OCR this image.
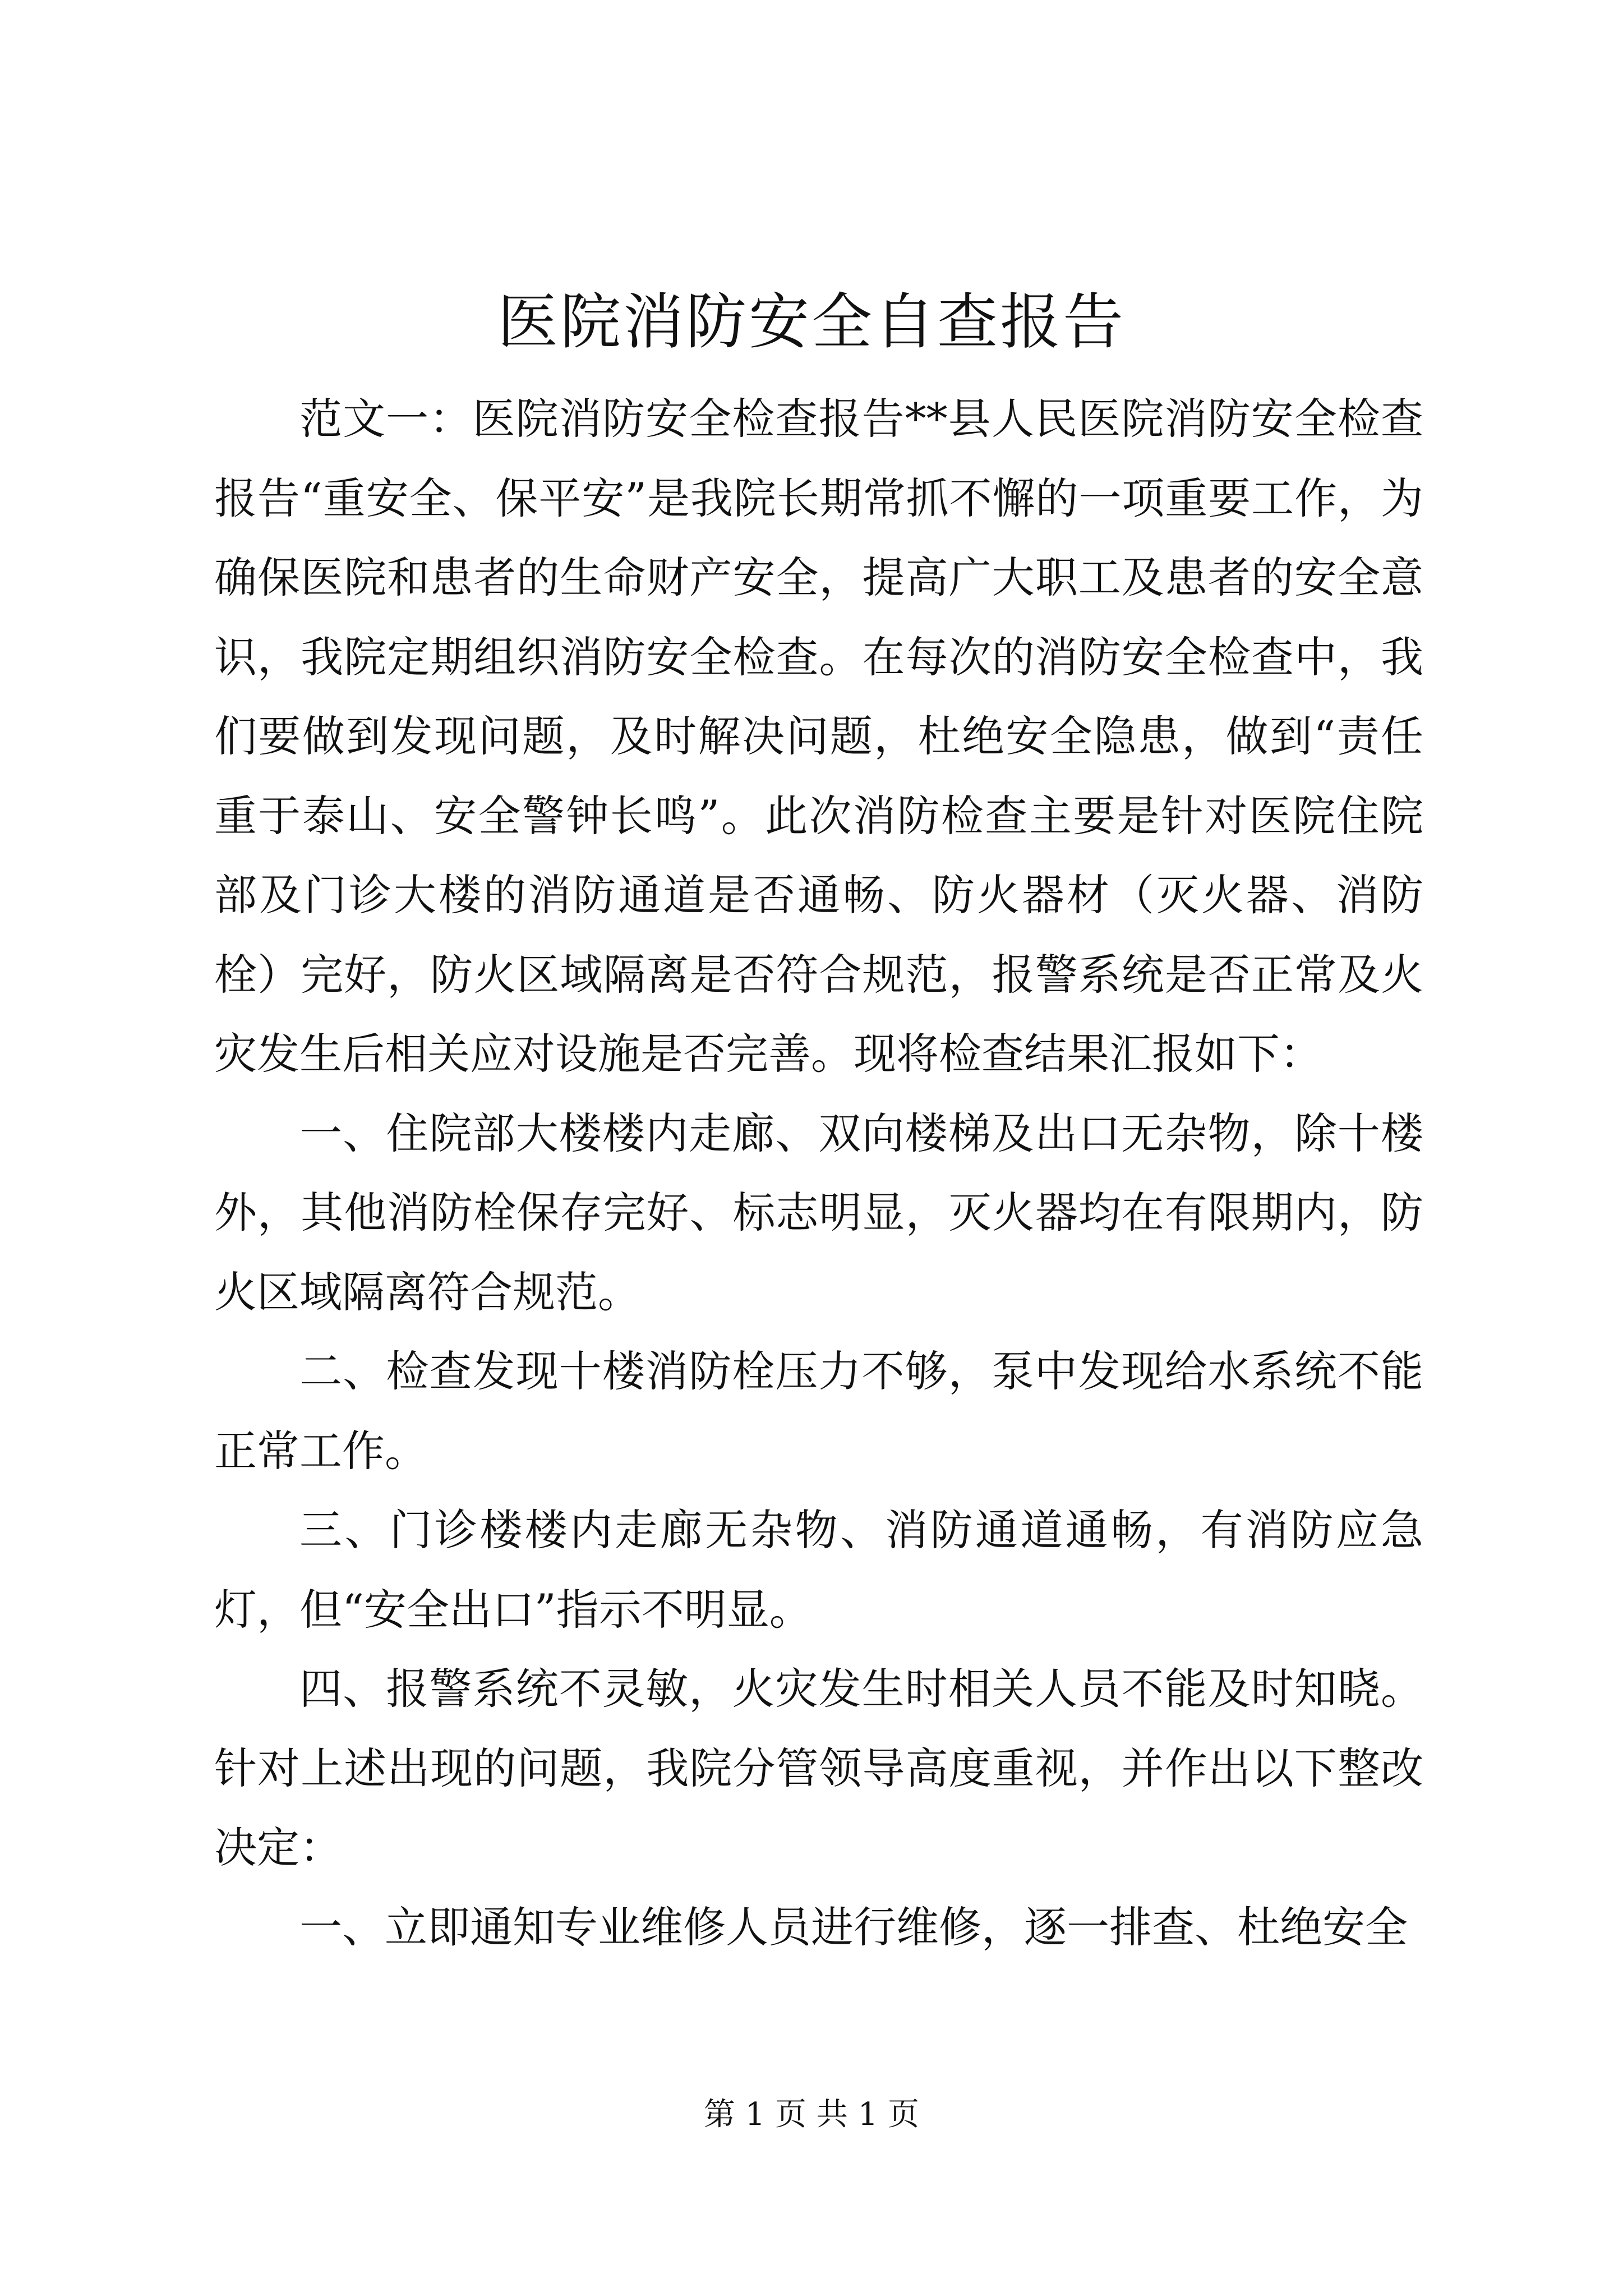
医院消防安全自查报告

范文一：医院消防安全检查报告**县人民医院消防安全检查报告“重安全、保平安”是我院长期常抓不懈的一项重要工作，为确保医院和患者的生命财产安全，提高广大职工及患者的安全意识，我院定期组织消防安全检查。在每次的消防安全检查中，我们要做到发现问题，及时解决问题，杜绝安全隐患，做到“责任重于泰山、安全警钟长鸣”。此次消防检查主要是针对医院住院部及门诊大楼的消防通道是否通畅、防火器材（灭火器、消防栓）完好，防火区域隔离是否符合规范，报警系统是否正常及火灾发生后相关应对设施是否完善。现将检查结果汇报如下：

一、住院部大楼楼内走廊、双向楼梯及出口无杂物，除十楼外，其他消防栓保存完好、标志明显，灭火器均在有限期内，防火区域隔离符合规范。

二、检查发现十楼消防栓压力不够，泵中发现给水系统不能正常工作。

三、门诊楼楼内走廊无杂物、消防通道通畅，有消防应急灯，但“安全出口”指示不明显。

四、报警系统不灵敏，火灾发生时相关人员不能及时知晓。针对上述出现的问题，我院分管领导高度重视，并作出以下整改决定：

一、立即通知专业维修人员进行维修，逐一排查、杜绝安全

第 1 页 共 1 页
